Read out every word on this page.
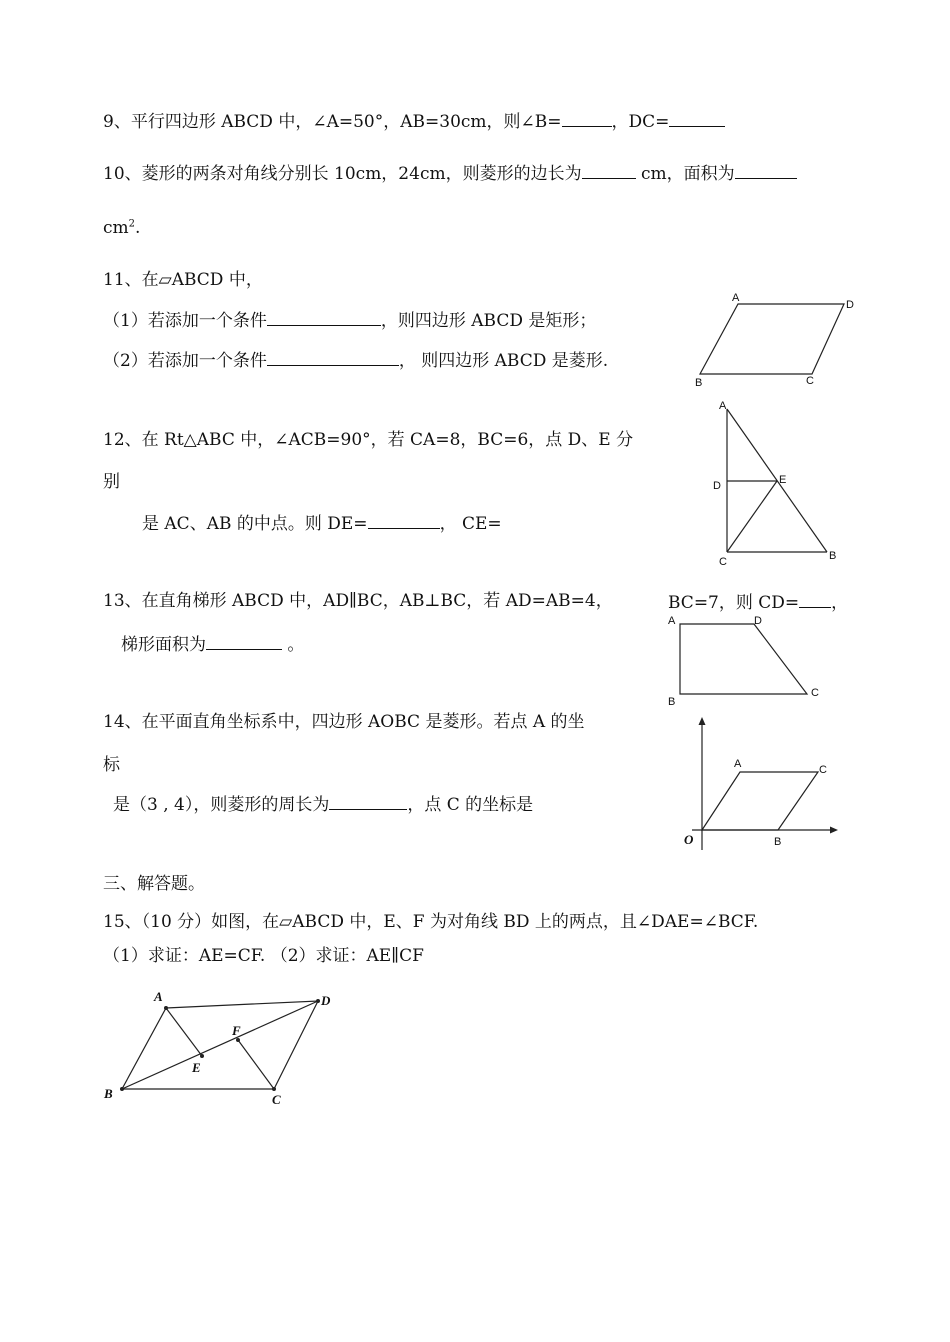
9、平行四边形 ABCD 中，∠A=50°，AB=30cm，则∠B=	，DC=
10、菱形的两条对角线分别长 10cm，24cm，则菱形的边长为	cm，面积为
$cm^2$.
11、在▱ABCD 中，
（1）若添加一个条件	，则四边形 ABCD 是矩形；
（2）若添加一个条件	， 则四边形 ABCD 是菱形.
A
D
B	C
12、在 Rt△ABC 中，∠ACB=90°，若 CA=8，BC=6，点 D、E 分
别
是 AC、AB 的中点。则 DE=	， CE=
A
D	E
C	B
13、在直角梯形 ABCD 中，AD∥BC，AB⊥BC，若 AD=AB=4，	BC=7，则 CD= ，
梯形面积为	。
A	D
B
C
14、在平面直角坐标系中，四边形 AOBC 是菱形。若点 A 的坐
标
是（3 , 4），则菱形的周长为	，点 C 的坐标是
A	C
O	B
三、解答题。
15、（10 分）如图，在▱ABCD 中，E、F 为对角线 BD 上的两点，且∠DAE=∠BCF.
（1）求证：AE=CF. （2）求证：AE∥CF
A	D
B	C
E
F
